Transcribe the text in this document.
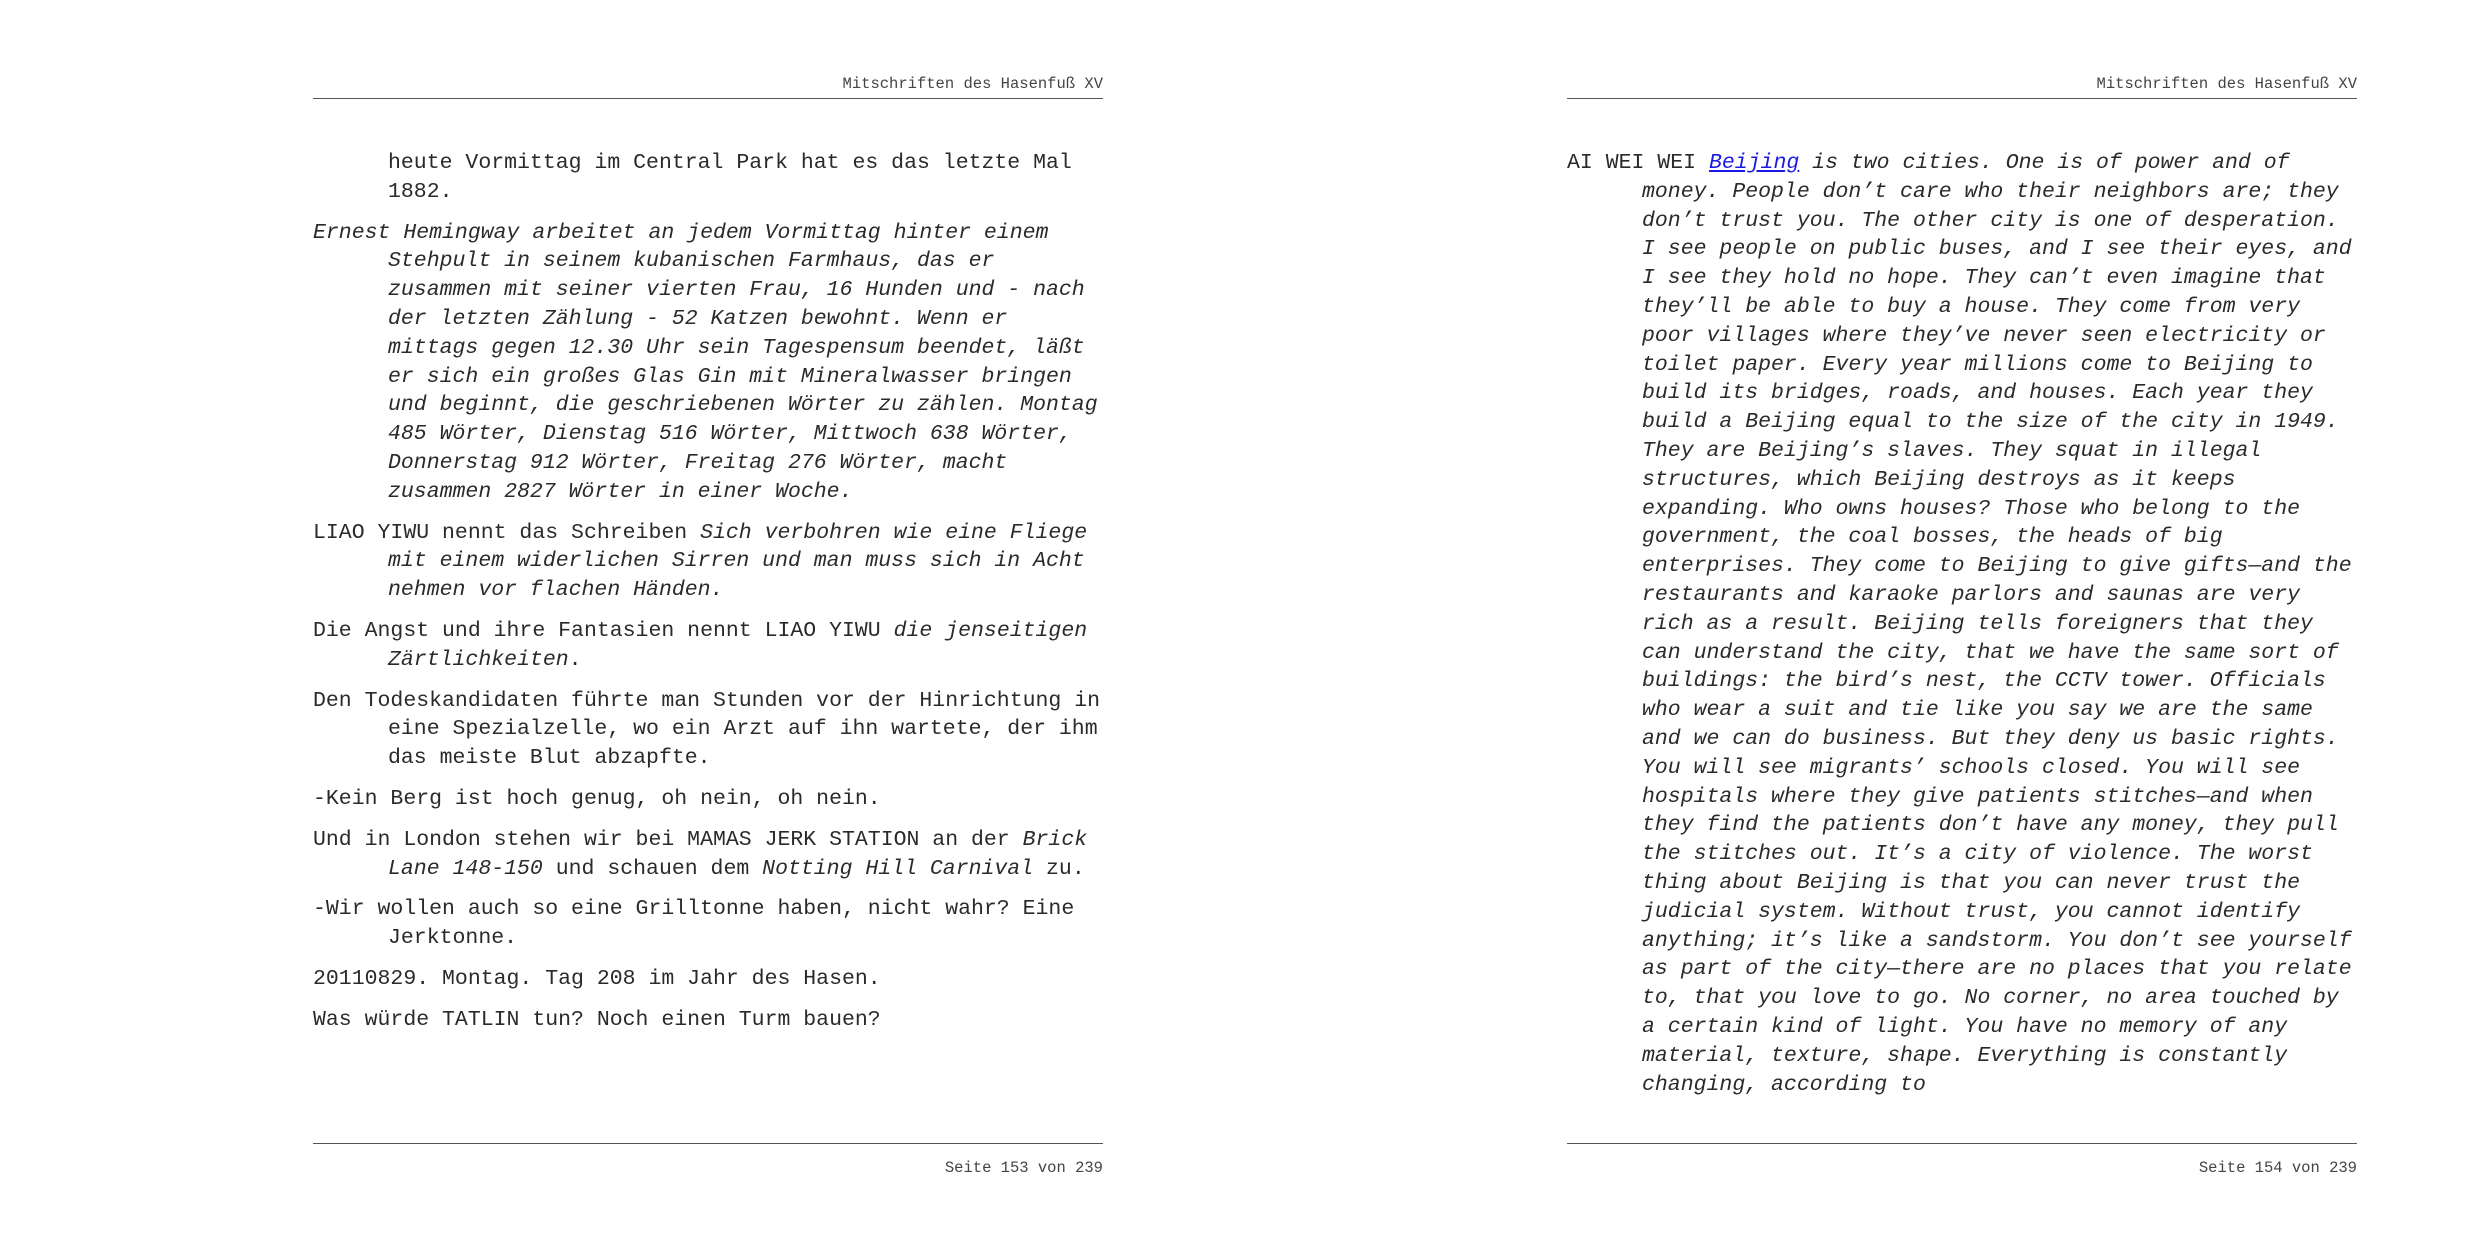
Mitschriften des Hasenfuß XV

heute Vormittag im Central Park hat es das letzte Mal 1882.

Ernest Hemingway arbeitet an jedem Vormittag hinter einem Stehpult in seinem kubanischen Farmhaus, das er zusammen mit seiner vierten Frau, 16 Hunden und - nach der letzten Zählung - 52 Katzen bewohnt. Wenn er mittags gegen 12.30 Uhr sein Tagespensum beendet, läßt er sich ein großes Glas Gin mit Mineralwasser bringen und beginnt, die geschriebenen Wörter zu zählen. Montag 485 Wörter, Dienstag 516 Wörter, Mittwoch 638 Wörter, Donnerstag 912 Wörter, Freitag 276 Wörter, macht zusammen 2827 Wörter in einer Woche.

LIAO YIWU nennt das Schreiben Sich verbohren wie eine Fliege mit einem widerlichen Sirren und man muss sich in Acht nehmen vor flachen Händen.

Die Angst und ihre Fantasien nennt LIAO YIWU die jenseitigen Zärtlichkeiten.

Den Todeskandidaten führte man Stunden vor der Hinrichtung in eine Spezialzelle, wo ein Arzt auf ihn wartete, der ihm das meiste Blut abzapfte.

-Kein Berg ist hoch genug, oh nein, oh nein.

Und in London stehen wir bei MAMAS JERK STATION an der Brick Lane 148-150 und schauen dem Notting Hill Carnival zu.

-Wir wollen auch so eine Grilltonne haben, nicht wahr? Eine Jerktonne.

20110829. Montag. Tag 208 im Jahr des Hasen.

Was würde TATLIN tun? Noch einen Turm bauen?

Seite 153 von 239
Mitschriften des Hasenfuß XV

AI WEI WEI Beijing is two cities. One is of power and of money. People don’t care who their neighbors are; they don’t trust you. The other city is one of desperation. I see people on public buses, and I see their eyes, and I see they hold no hope. They can’t even imagine that they’ll be able to buy a house. They come from very poor villages where they’ve never seen electricity or toilet paper. Every year millions come to Beijing to build its bridges, roads, and houses. Each year they build a Beijing equal to the size of the city in 1949. They are Beijing’s slaves. They squat in illegal structures, which Beijing destroys as it keeps expanding. Who owns houses? Those who belong to the government, the coal bosses, the heads of big enterprises. They come to Beijing to give gifts—and the restaurants and karaoke parlors and saunas are very rich as a result. Beijing tells foreigners that they can understand the city, that we have the same sort of buildings: the bird’s nest, the CCTV tower. Officials who wear a suit and tie like you say we are the same and we can do business. But they deny us basic rights. You will see migrants’ schools closed. You will see hospitals where they give patients stitches—and when they find the patients don’t have any money, they pull the stitches out. It’s a city of violence. The worst thing about Beijing is that you can never trust the judicial system. Without trust, you cannot identify anything; it’s like a sandstorm. You don’t see yourself as part of the city—there are no places that you relate to, that you love to go. No corner, no area touched by a certain kind of light. You have no memory of any material, texture, shape. Everything is constantly changing, according to

Seite 154 von 239
